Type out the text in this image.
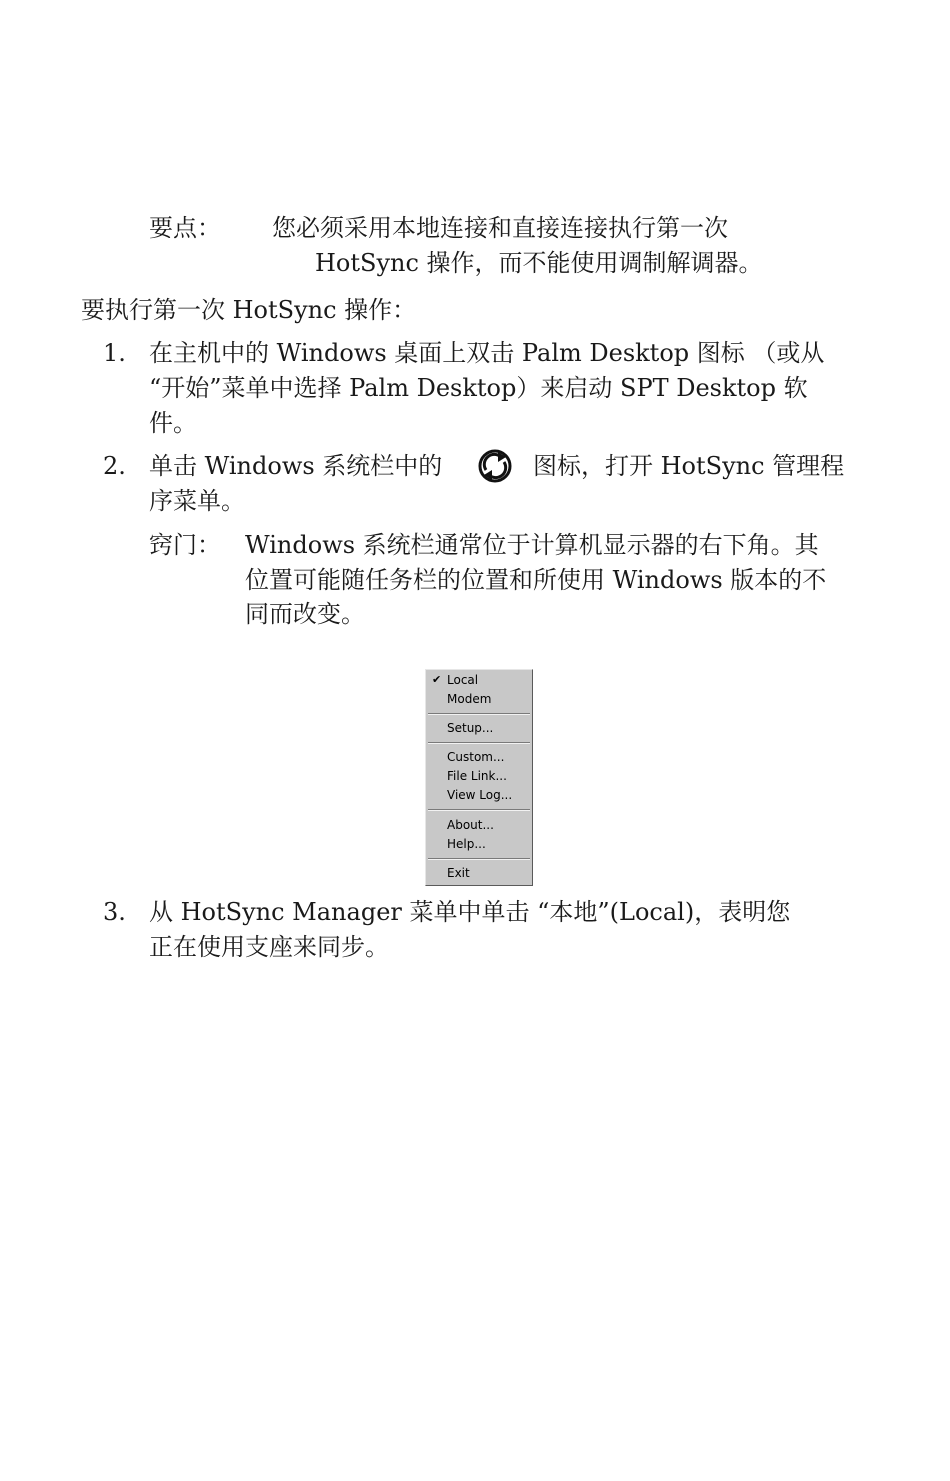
要点： 您必须采用本地连接和直接连接执行第一次
HotSync 操作，而不能使用调制解调器。
要执行第一次 HotSync 操作：
1. 在主机中的 Windows 桌面上双击 Palm Desktop 图标 （或从
“开始”菜单中选择 Palm Desktop）来启动 SPT Desktop 软
件。
2. 单击 Windows 系统栏中的	图标，打开 HotSync 管理程
序菜单。
窍门： Windows 系统栏通常位于计算机显示器的右下角。其
位置可能随任务栏的位置和所使用 Windows 版本的不
同而改变。
✔ Local
Modem
Setup...
Custom...
File Link...
View Log...
About...
Help...
Exit
3. 从 HotSync Manager 菜单中单击 “本地”(Local)，表明您
正在使用支座来同步。
